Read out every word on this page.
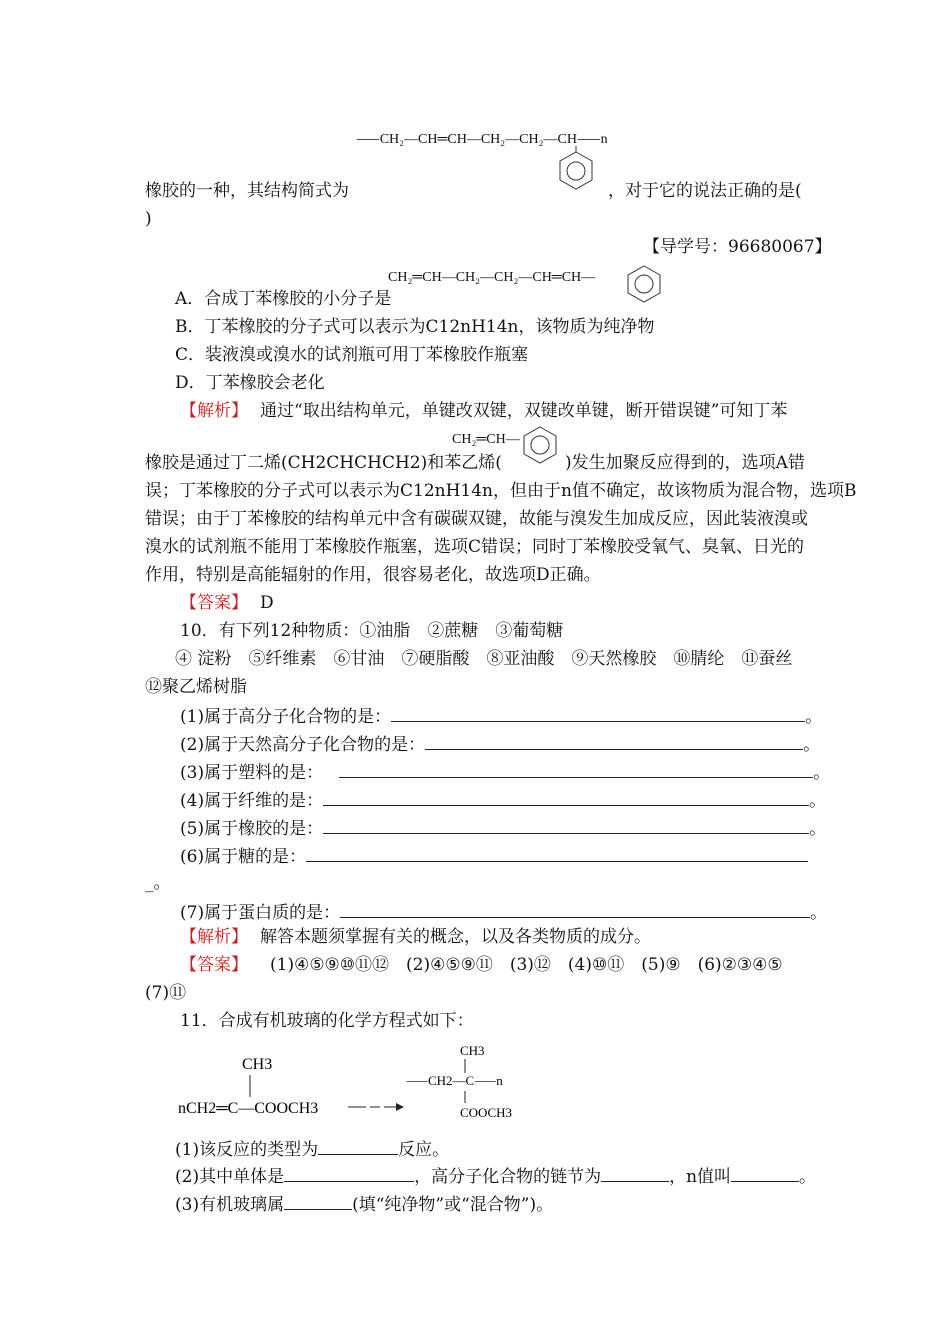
⸺CH₂—CH═CH—CH₂—CH₂—CH⸺n
橡胶的一种，其结构简式为	，对于它的说法正确的是(
)
【导学号：96680067】
CH₂═CH—CH₂—CH₂—CH═CH—
A．合成丁苯橡胶的小分子是
B．丁苯橡胶的分子式可以表示为C12nH14n，该物质为纯净物
C．装液溴或溴水的试剂瓶可用丁苯橡胶作瓶塞
D．丁苯橡胶会老化
【解析】 通过“取出结构单元，单键改双键，双键改单键，断开错误键”可知丁苯
CH₂═CH—
橡胶是通过丁二烯(CH2CHCHCH2)和苯乙烯(	)发生加聚反应得到的，选项A错
误；丁苯橡胶的分子式可以表示为C12nH14n，但由于n值不确定，故该物质为混合物，选项B
错误；由于丁苯橡胶的结构单元中含有碳碳双键，故能与溴发生加成反应，因此装液溴或
溴水的试剂瓶不能用丁苯橡胶作瓶塞，选项C错误；同时丁苯橡胶受氧气、臭氧、日光的
作用，特别是高能辐射的作用，很容易老化，故选项D正确。
【答案】 D
10．有下列12种物质：①油脂　②蔗糖　③葡萄糖
④ 淀粉　⑤纤维素　⑥甘油　⑦硬脂酸　⑧亚油酸　⑨天然橡胶　⑩腈纶　⑪蚕丝
⑫聚乙烯树脂
(1)属于高分子化合物的是：	。
(2)属于天然高分子化合物的是：	。
(3)属于塑料的是：	。
(4)属于纤维的是：	。
(5)属于橡胶的是：	。
(6)属于糖的是：
_。
(7)属于蛋白质的是：	。
【解析】 解答本题须掌握有关的概念，以及各类物质的成分。
【答案】 (1)④⑤⑨⑩⑪⑫　(2)④⑤⑨⑪　(3)⑫　(4)⑩⑪　(5)⑨　(6)②③④⑤
(7)⑪
11．合成有机玻璃的化学方程式如下：
CH3
nCH2═C—COOCH3
CH3
⸺CH2—C⸺n
COOCH3
(1)该反应的类型为	反应。
(2)其中单体是	，高分子化合物的链节为	，n值叫	。
(3)有机玻璃属	(填“纯净物”或“混合物”)。
